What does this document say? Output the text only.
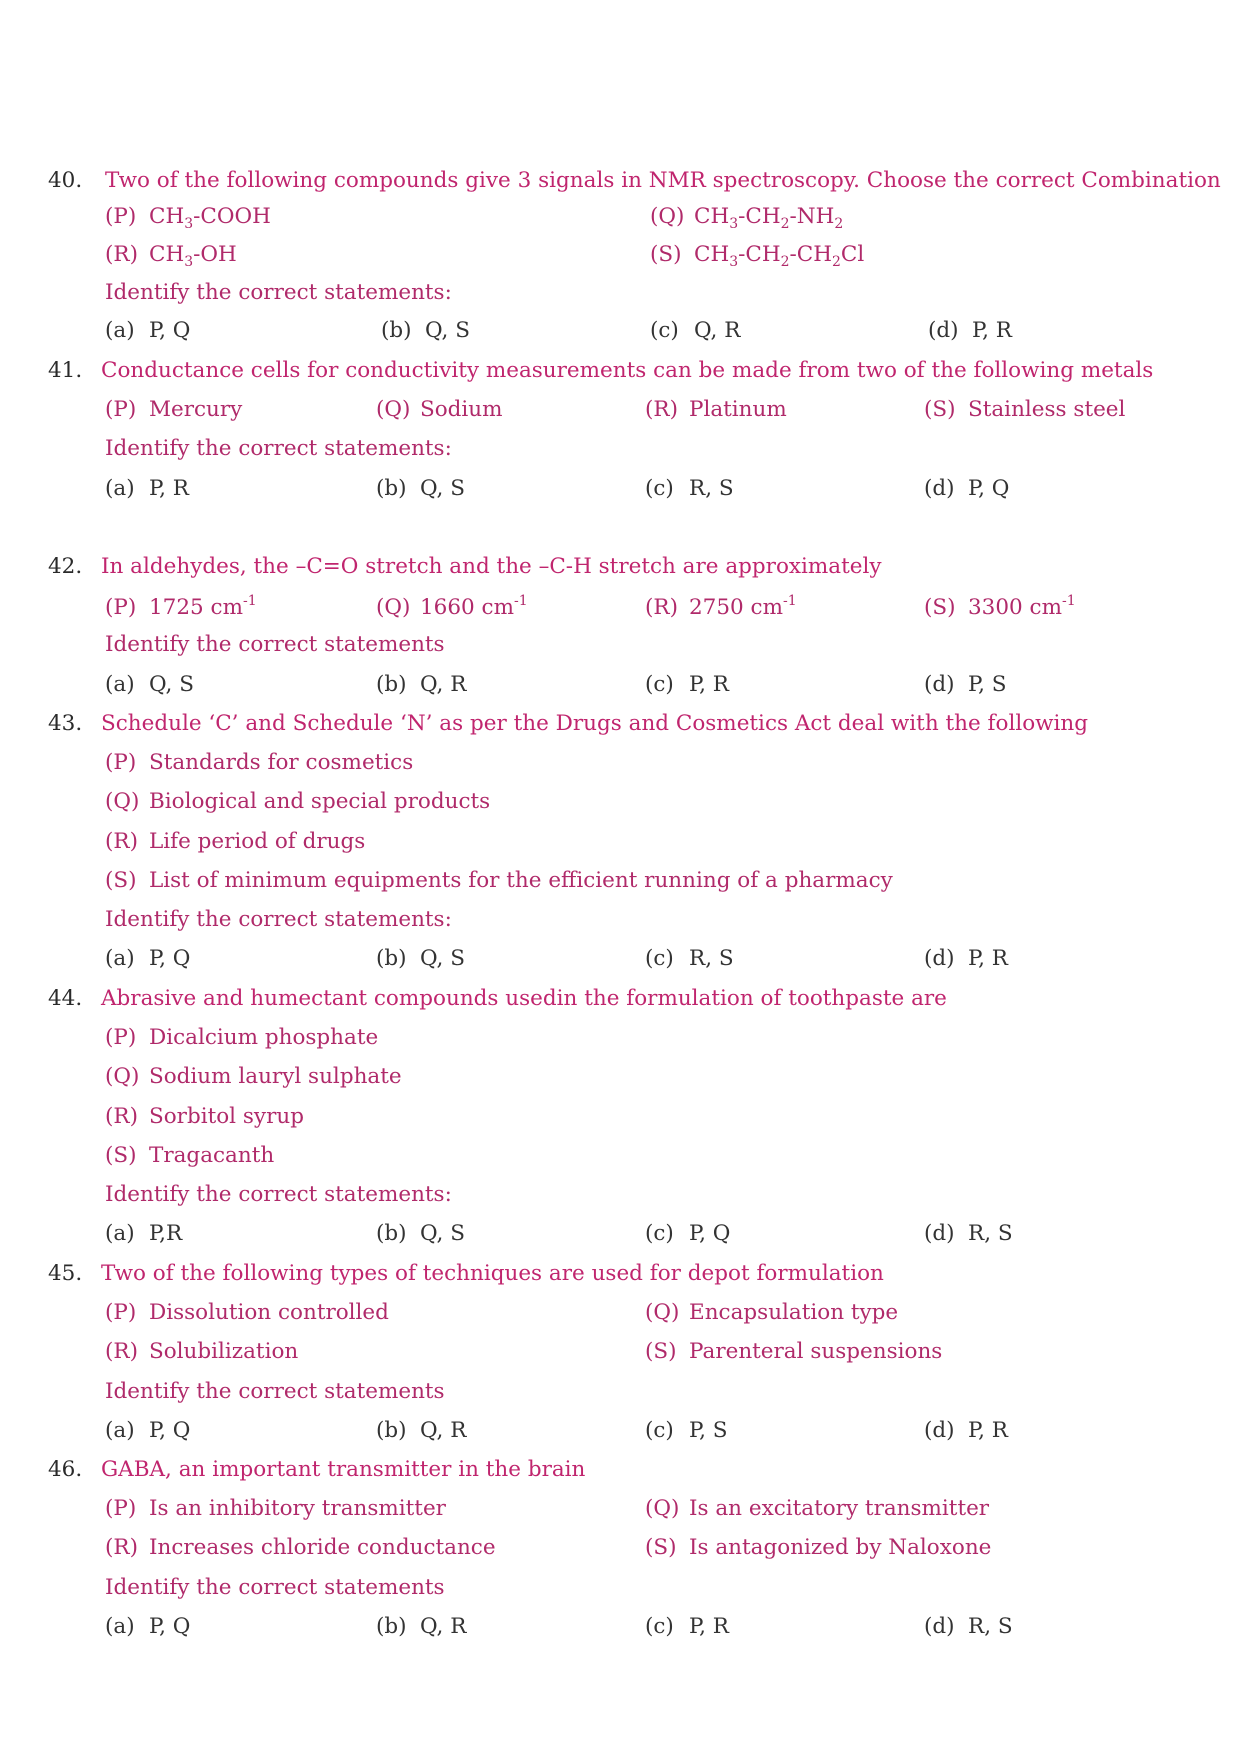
40. Two of the following compounds give 3 signals in NMR spectroscopy. Choose the correct Combination
(P) $CH_3$-COOH	(Q) $CH_3-CH_2-NH_2$
(R) $CH_3-OH$	(S) $CH_3-CH_2-CH_2Cl$
Identify the correct statements:
(a) P, Q	(b) Q, S	(c) Q, R	(d) P, R
41. Conductance cells for conductivity measurements can be made from two of the following metals
(P) Mercury	(Q) Sodium	(R) Platinum	(S) Stainless steel
Identify the correct statements:
(a) P, R	(b) Q, S	(c) R, S	(d) P, Q
42. In aldehydes, the –C=O stretch and the –C-H stretch are approximately
(P) 1725 $cm^{-1}$	(Q) 1660 $cm^{-1}$	(R) 2750 $cm^{-1}$	(S) 3300 $cm^{-1}$
Identify the correct statements
(a) Q, S	(b) Q, R	(c) P, R	(d) P, S
43. Schedule ‘C’ and Schedule ‘N’ as per the Drugs and Cosmetics Act deal with the following
(P) Standards for cosmetics
(Q) Biological and special products
(R) Life period of drugs
(S) List of minimum equipments for the efficient running of a pharmacy
Identify the correct statements:
(a) P, Q	(b) Q, S	(c) R, S	(d) P, R
44. Abrasive and humectant compounds usedin the formulation of toothpaste are
(P) Dicalcium phosphate
(Q) Sodium lauryl sulphate
(R) Sorbitol syrup
(S) Tragacanth
Identify the correct statements:
(a) P,R	(b) Q, S	(c) P, Q	(d) R, S
45. Two of the following types of techniques are used for depot formulation
(P) Dissolution controlled	(Q) Encapsulation type
(R) Solubilization	(S) Parenteral suspensions
Identify the correct statements
(a) P, Q	(b) Q, R	(c) P, S	(d) P, R
46. GABA, an important transmitter in the brain
(P) Is an inhibitory transmitter	(Q) Is an excitatory transmitter
(R) Increases chloride conductance	(S) Is antagonized by Naloxone
Identify the correct statements
(a) P, Q	(b) Q, R	(c) P, R	(d) R, S
